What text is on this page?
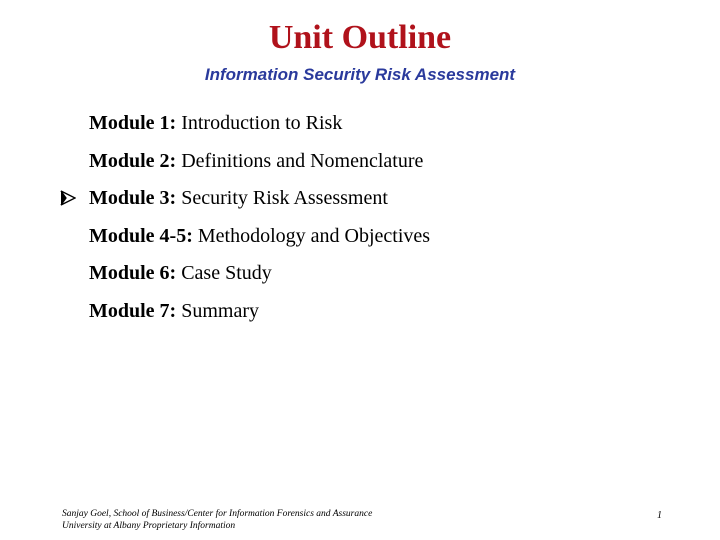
Unit Outline
Information Security Risk Assessment
Module 1: Introduction to Risk
Module 2: Definitions and Nomenclature
Module 3: Security Risk Assessment
Module 4-5: Methodology and Objectives
Module 6: Case Study
Module 7: Summary
Sanjay Goel, School of Business/Center for Information Forensics and Assurance
University at Albany Proprietary Information
1
